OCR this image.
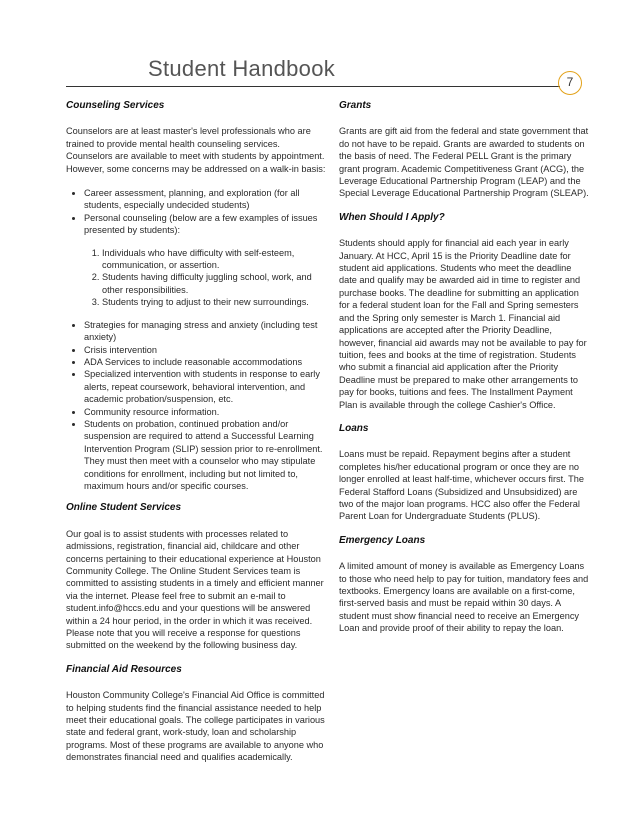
Student Handbook
7
Counseling Services

Counselors are at least master's level professionals who are trained to provide mental health counseling services. Counselors are available to meet with students by appointment. However, some concerns may be addressed on a walk-in basis:

• Career assessment, planning, and exploration (for all students, especially undecided students)
• Personal counseling (below are a few examples of issues presented by students):
1. Individuals who have difficulty with self-esteem, communication, or assertion.
2. Students having difficulty juggling school, work, and other responsibilities.
3. Students trying to adjust to their new surroundings.
• Strategies for managing stress and anxiety (including test anxiety)
• Crisis intervention
• ADA Services to include reasonable accommodations
• Specialized intervention with students in response to early alerts, repeat coursework, behavioral intervention, and academic probation/suspension, etc.
• Community resource information.
• Students on probation, continued probation and/or suspension are required to attend a Successful Learning Intervention Program (SLIP) session prior to re-enrollment. They must then meet with a counselor who may stipulate conditions for enrollment, including but not limited to, maximum hours and/or specific courses.
Online Student Services

Our goal is to assist students with processes related to admissions, registration, financial aid, childcare and other concerns pertaining to their educational experience at Houston Community College. The Online Student Services team is committed to assisting students in a timely and efficient manner via the internet. Please feel free to submit an e-mail to student.info@hccs.edu and your questions will be answered within a 24 hour period, in the order in which it was received. Please note that you will receive a response for questions submitted on the weekend by the following business day.

Financial Aid Resources

Houston Community College's Financial Aid Office is committed to helping students find the financial assistance needed to help meet their educational goals. The college participates in various state and federal grant, work-study, loan and scholarship programs. Most of these programs are available to anyone who demonstrates financial need and qualifies academically.

Grants

Grants are gift aid from the federal and state government that do not have to be repaid. Grants are awarded to students on the basis of need. The Federal PELL Grant is the primary grant program. Academic Competitiveness Grant (ACG), the Leverage Educational Partnership Program (LEAP) and the Special Leverage Educational Partnership Program (SLEAP).

When Should I Apply?

Students should apply for financial aid each year in early January. At HCC, April 15 is the Priority Deadline date for student aid applications. Students who meet the deadline date and qualify may be awarded aid in time to register and purchase books. The deadline for submitting an application for a federal student loan for the Fall and Spring semesters and the Spring only semester is March 1. Financial aid applications are accepted after the Priority Deadline, however, financial aid awards may not be available to pay for tuition, fees and books at the time of registration. Students who submit a financial aid application after the Priority Deadline must be prepared to make other arrangements to pay for books, tuitions and fees. The Installment Payment Plan is available through the college Cashier's Office.

Loans

Loans must be repaid. Repayment begins after a student completes his/her educational program or once they are no longer enrolled at least half-time, whichever occurs first. The Federal Stafford Loans (Subsidized and Unsubsidized) are two of the major loan programs. HCC also offer the Federal Parent Loan for Undergraduate Students (PLUS).

Emergency Loans

A limited amount of money is available as Emergency Loans to those who need help to pay for tuition, mandatory fees and textbooks. Emergency loans are available on a first-come, first-served basis and must be repaid within 30 days. A student must show financial need to receive an Emergency Loan and provide proof of their ability to repay the loan.
